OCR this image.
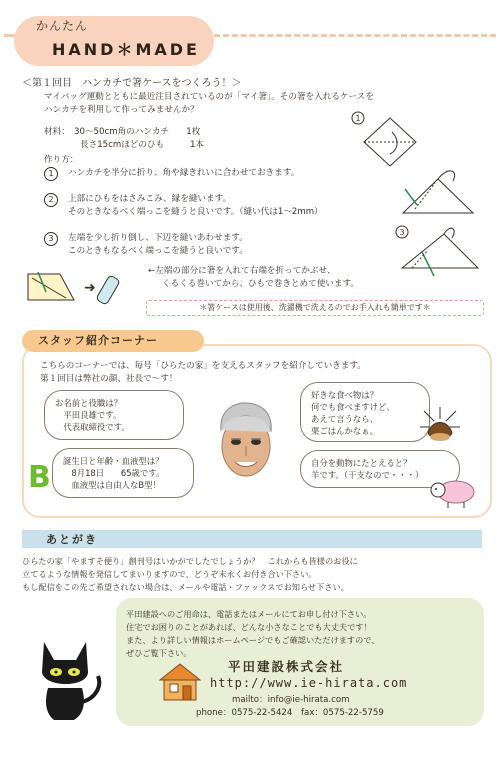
かんたん
HAND＊MADE
＜第１回目　ハンカチで箸ケースをつくろう！＞
マイバッグ運動とともに最近注目されているのが「マイ箸」。その箸を入れるケースを
ハンカチを利用して作ってみませんか？
材料： 30～50cm角のハンカチ　　1枚
長さ15cmほどのひも　　　1本
作り方：
1	ハンカチを半分に折り、角や縁きれいに合わせておきます。
2	上部にひもをはさみこみ、縁を縫います。
そのときなるべく端っこを縫うと良いです。（縫い代は1～2mm）
3	左端を少し折り倒し、下辺を縫いあわせます。
このときもなるべく端っこを縫うと良いです。
←左端の部分に箸を入れて右端を折ってかぶせ、
くるくる巻いてから、ひもで巻きとめて使います。
1
3
➜
＊箸ケースは使用後、洗濯機で洗えるのでお手入れも簡単です＊
スタッフ紹介コーナー
こちらのコーナーでは、毎号「ひらたの家」を支えるスタッフを紹介していきます。
第１回目は弊社の顔、社長で～す！
お名前と役職は？
　平田良雄です。
　代表取締役です。
誕生日と年齢・血液型は？
　8月18日　　65歳です。
　血液型は自由人なB型！
好きな食べ物は？
何でも食べますけど、
あえて言うなら、
栗ごはんかなぁ。
自分を動物にたとえると？
羊です。（干支なので・・・）
B
あとがき
ひらたの家「やますそ便り」創刊号はいかがでしたでしょうか？　これからも皆様のお役に
立てるような情報を発信してまいりますので、どうぞ末永くお付き合い下さい。
もし配信をこの先ご希望されない場合は、メールや電話・ファックスでお知らせ下さい。
平田建設へのご用命は、電話またはメールにてお申し付け下さい。
住宅でお困りのことがあれば、どんな小さなことでも大丈夫です！
また、より詳しい情報はホームページでもご確認いただけますので、
ぜひご覧下さい。
平田建設株式会社
http://www.ie-hirata.com
mailto：info@ie-hirata.com
phone：0575-22-5424　fax：0575-22-5759
